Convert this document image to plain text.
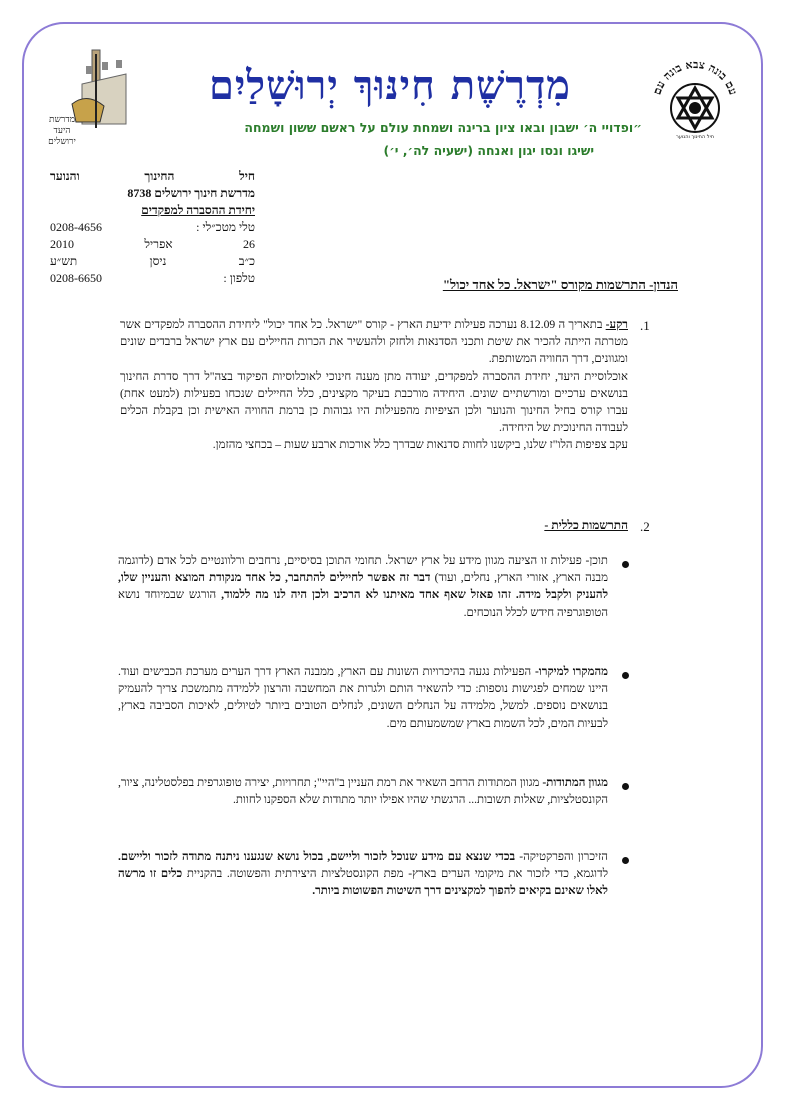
עם בונה צבא בונה עם
חיל החינוך והנוער
מדרשת
היעד
ירושלים
מִדְרֶשֶׁת חִינּוּךְ יְרוּשָׁלַיִם
״ופדויי ה׳ ישבון ובאו ציון ברינה ושמחת עולם על ראשם ששון ושמחה
ישיגו ונסו יגון ואנחה (ישעיה לה׳, י׳)
חיל
החינוך
והנוער
מדרשת חינוך ירושלים 8738
יחידת ההסברה למפקדים
טלי מטכ״לי :
0208-4656
26
אפריל
2010
כ״ב
ניסן
תש״ע
טלפון :
0208-6650	הנדון- התרשמות מקורס "ישראל. כל אחד יכול"
.1
רקע- בתאריך ה 8.12.09 נערכה פעילות ידיעת הארץ - קורס "ישראל. כל אחד יכול" ליחידת ההסברה למפקדים אשר מטרתה הייתה להכיר את שיטת ותכני הסדנאות ולחזק ולהעשיר את הכרות החיילים עם ארץ ישראל ברבדים שונים ומגוונים, דרך החוויה המשותפת.
אוכלוסיית היעד, יחידת ההסברה למפקדים, יעודה מתן מענה חינוכי לאוכלוסיות הפיקוד בצה"ל דרך סדרת החינוך בנושאים ערכיים ומורשתיים שונים. היחידה מורכבת בעיקר מקצינים, כלל החיילים שנכחו בפעילות (למעט אחת) עברו קורס בחיל החינוך והנוער ולכן הציפיות מהפעילות היו גבוהות כן ברמת החוויה האישית וכן בקבלת הכלים לעבודה החינוכית של היחידה.
עקב צפיפות הלו"ז שלנו, ביקשנו לחוות סדנאות שבדרך כלל אורכות ארבע שעות – בכחצי מהזמן.
.2
התרשמות כללית -
תוכן- פעילות זו הציעה מגוון מידע על ארץ ישראל. תחומי התוכן בסיסיים, נרחבים ורלוונטיים לכל אדם (לדוגמה מבנה הארץ, אזורי הארץ, נחלים, ועוד) דבר זה אפשר לחיילים להתחבר, כל אחד מנקודת המוצא והעניין שלו, להעניק ולקבל מידה. זהו פאזל שאף אחד מאיתנו לא הרכיב ולכן היה לנו מה ללמוד, הורגש שבמיוחד נושא הטופוגרפיה חידש לכלל הנוכחים.
מהמקרו למיקרו- הפעילות נגעה בהיכרויות השונות עם הארץ, ממבנה הארץ דרך הערים מערכת הכבישים ועוד. היינו שמחים לפגישות נוספות: כדי להשאיר הותם ולגרות את המחשבה והרצון ללמידה מתמשכת צריך להעמיק בנושאים נוספים. למשל, מלמידה על הנחלים השונים, לנחלים הטובים ביותר לטיולים, לאיכות הסביבה בארץ, לבעיות המים, לכל השמות בארץ שמשמעותם מים.
מגוון המתודות- מגוון המתודות הרחב השאיר את רמת העניין ב"היי"; תחרויות, יצירה טופוגרפית בפלסטלינה, ציור, הקונסטלציות, שאלות תשובות... הרגשתי שהיו אפילו יותר מתודות שלא הספקנו לחוות.
הזיכרון והפרקטיקה- בכדי שנצא עם מידע שנוכל לזכור וליישם, בכול נושא שנגענו ניתנה מתודה לזכור וליישם. לדוגמא, כדי לזכור את מיקומי הערים בארץ- מפת הקונסטלציות היצירתית והפשוטה. בהקניית כלים זו מרשה לאלו שאינם בקיאים להפוך למקצינים דרך השיטות הפשוטות ביותר.
